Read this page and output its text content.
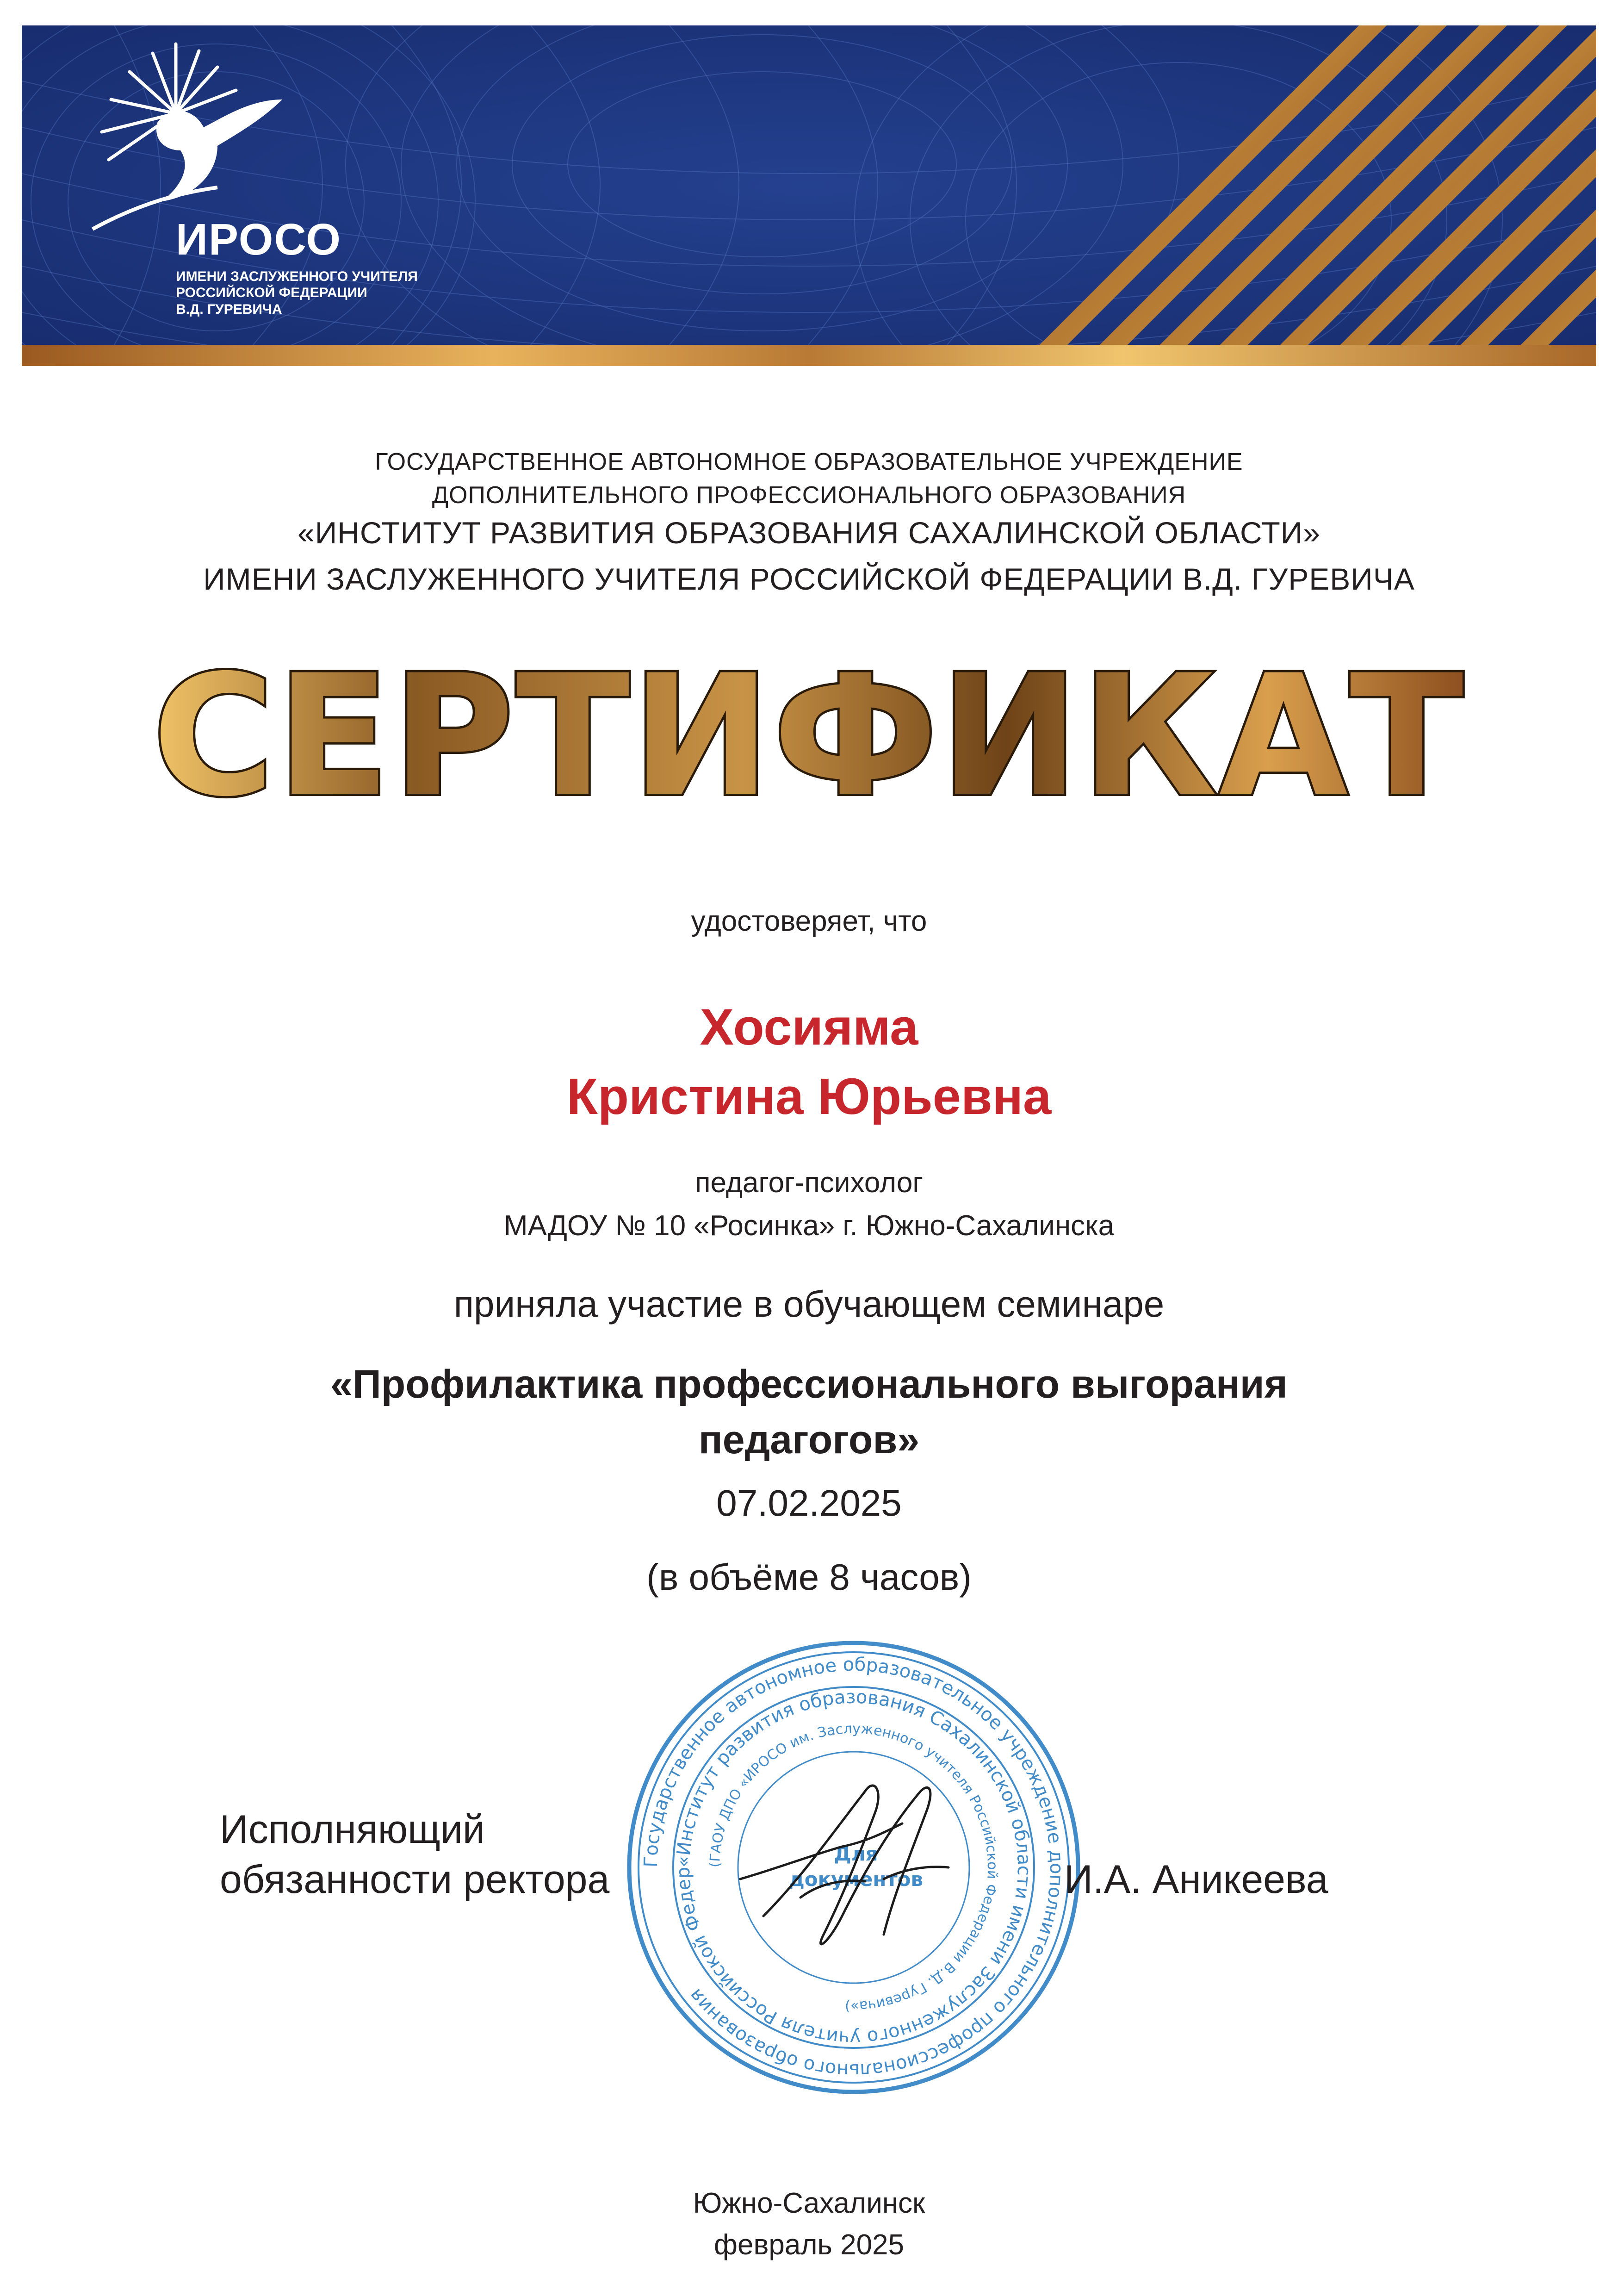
ИРОСО
ИМЕНИ ЗАСЛУЖЕННОГО УЧИТЕЛЯ
РОССИЙСКОЙ ФЕДЕРАЦИИ
В.Д. ГУРЕВИЧА
ГОСУДАРСТВЕННОЕ АВТОНОМНОЕ ОБРАЗОВАТЕЛЬНОЕ УЧРЕЖДЕНИЕ
ДОПОЛНИТЕЛЬНОГО ПРОФЕССИОНАЛЬНОГО ОБРАЗОВАНИЯ
«ИНСТИТУТ РАЗВИТИЯ ОБРАЗОВАНИЯ САХАЛИНСКОЙ ОБЛАСТИ»
ИМЕНИ ЗАСЛУЖЕННОГО УЧИТЕЛЯ РОССИЙСКОЙ ФЕДЕРАЦИИ В.Д. ГУРЕВИЧА
СЕРТИФИКАТ
удостоверяет, что
Хосияма
Кристина Юрьевна
педагог-психолог
МАДОУ № 10 «Росинка» г. Южно-Сахалинска
приняла участие в обучающем семинаре
«Профилактика профессионального выгорания
педагогов»
07.02.2025
(в объёме 8 часов)
Государственное автономное образовательное учреждение дополнительного профессионального образования
«Институт развития образования Сахалинской области имени Заслуженного учителя Российской Федер
(ГАОУ ДПО «ИРОСО им. Заслуженного учителя Российской Федерации В.Д. Гуревича»)
Для
документов
Исполняющий
обязанности ректора	И.А. Аникеева
Южно-Сахалинск
февраль 2025
